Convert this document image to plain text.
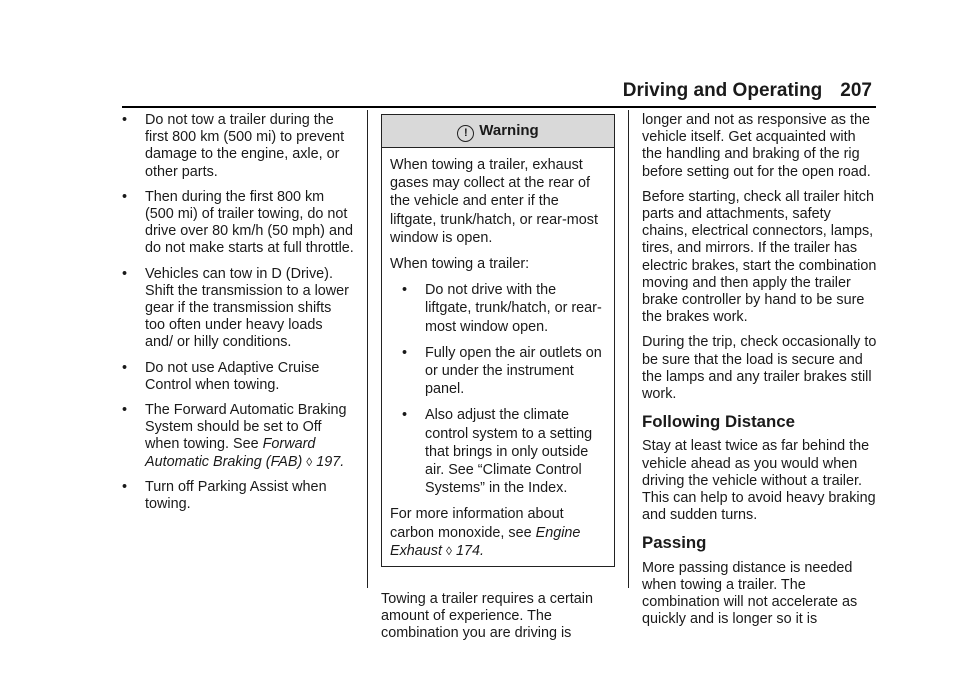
Driving and Operating 207
• Do not tow a trailer during the first 800 km (500 mi) to prevent damage to the engine, axle, or other parts.
• Then during the first 800 km (500 mi) of trailer towing, do not drive over 80 km/h (50 mph) and do not make starts at full throttle.
• Vehicles can tow in D (Drive). Shift the transmission to a lower gear if the transmission shifts too often under heavy loads and/ or hilly conditions.
• Do not use Adaptive Cruise Control when towing.
• The Forward Automatic Braking System should be set to Off when towing. See Forward Automatic Braking (FAB) ◊ 197.
• Turn off Parking Assist when towing.
! Warning

When towing a trailer, exhaust gases may collect at the rear of the vehicle and enter if the liftgate, trunk/hatch, or rear-most window is open.

When towing a trailer:

• Do not drive with the liftgate, trunk/hatch, or rear-most window open.
• Fully open the air outlets on or under the instrument panel.
• Also adjust the climate control system to a setting that brings in only outside air. See “Climate Control Systems” in the Index.

For more information about carbon monoxide, see Engine Exhaust ◊ 174.

Towing a trailer requires a certain amount of experience. The combination you are driving is

longer and not as responsive as the vehicle itself. Get acquainted with the handling and braking of the rig before setting out for the open road.

Before starting, check all trailer hitch parts and attachments, safety chains, electrical connectors, lamps, tires, and mirrors. If the trailer has electric brakes, start the combination moving and then apply the trailer brake controller by hand to be sure the brakes work.

During the trip, check occasionally to be sure that the load is secure and the lamps and any trailer brakes still work.

Following Distance

Stay at least twice as far behind the vehicle ahead as you would when driving the vehicle without a trailer. This can help to avoid heavy braking and sudden turns.

Passing

More passing distance is needed when towing a trailer. The combination will not accelerate as quickly and is longer so it is
